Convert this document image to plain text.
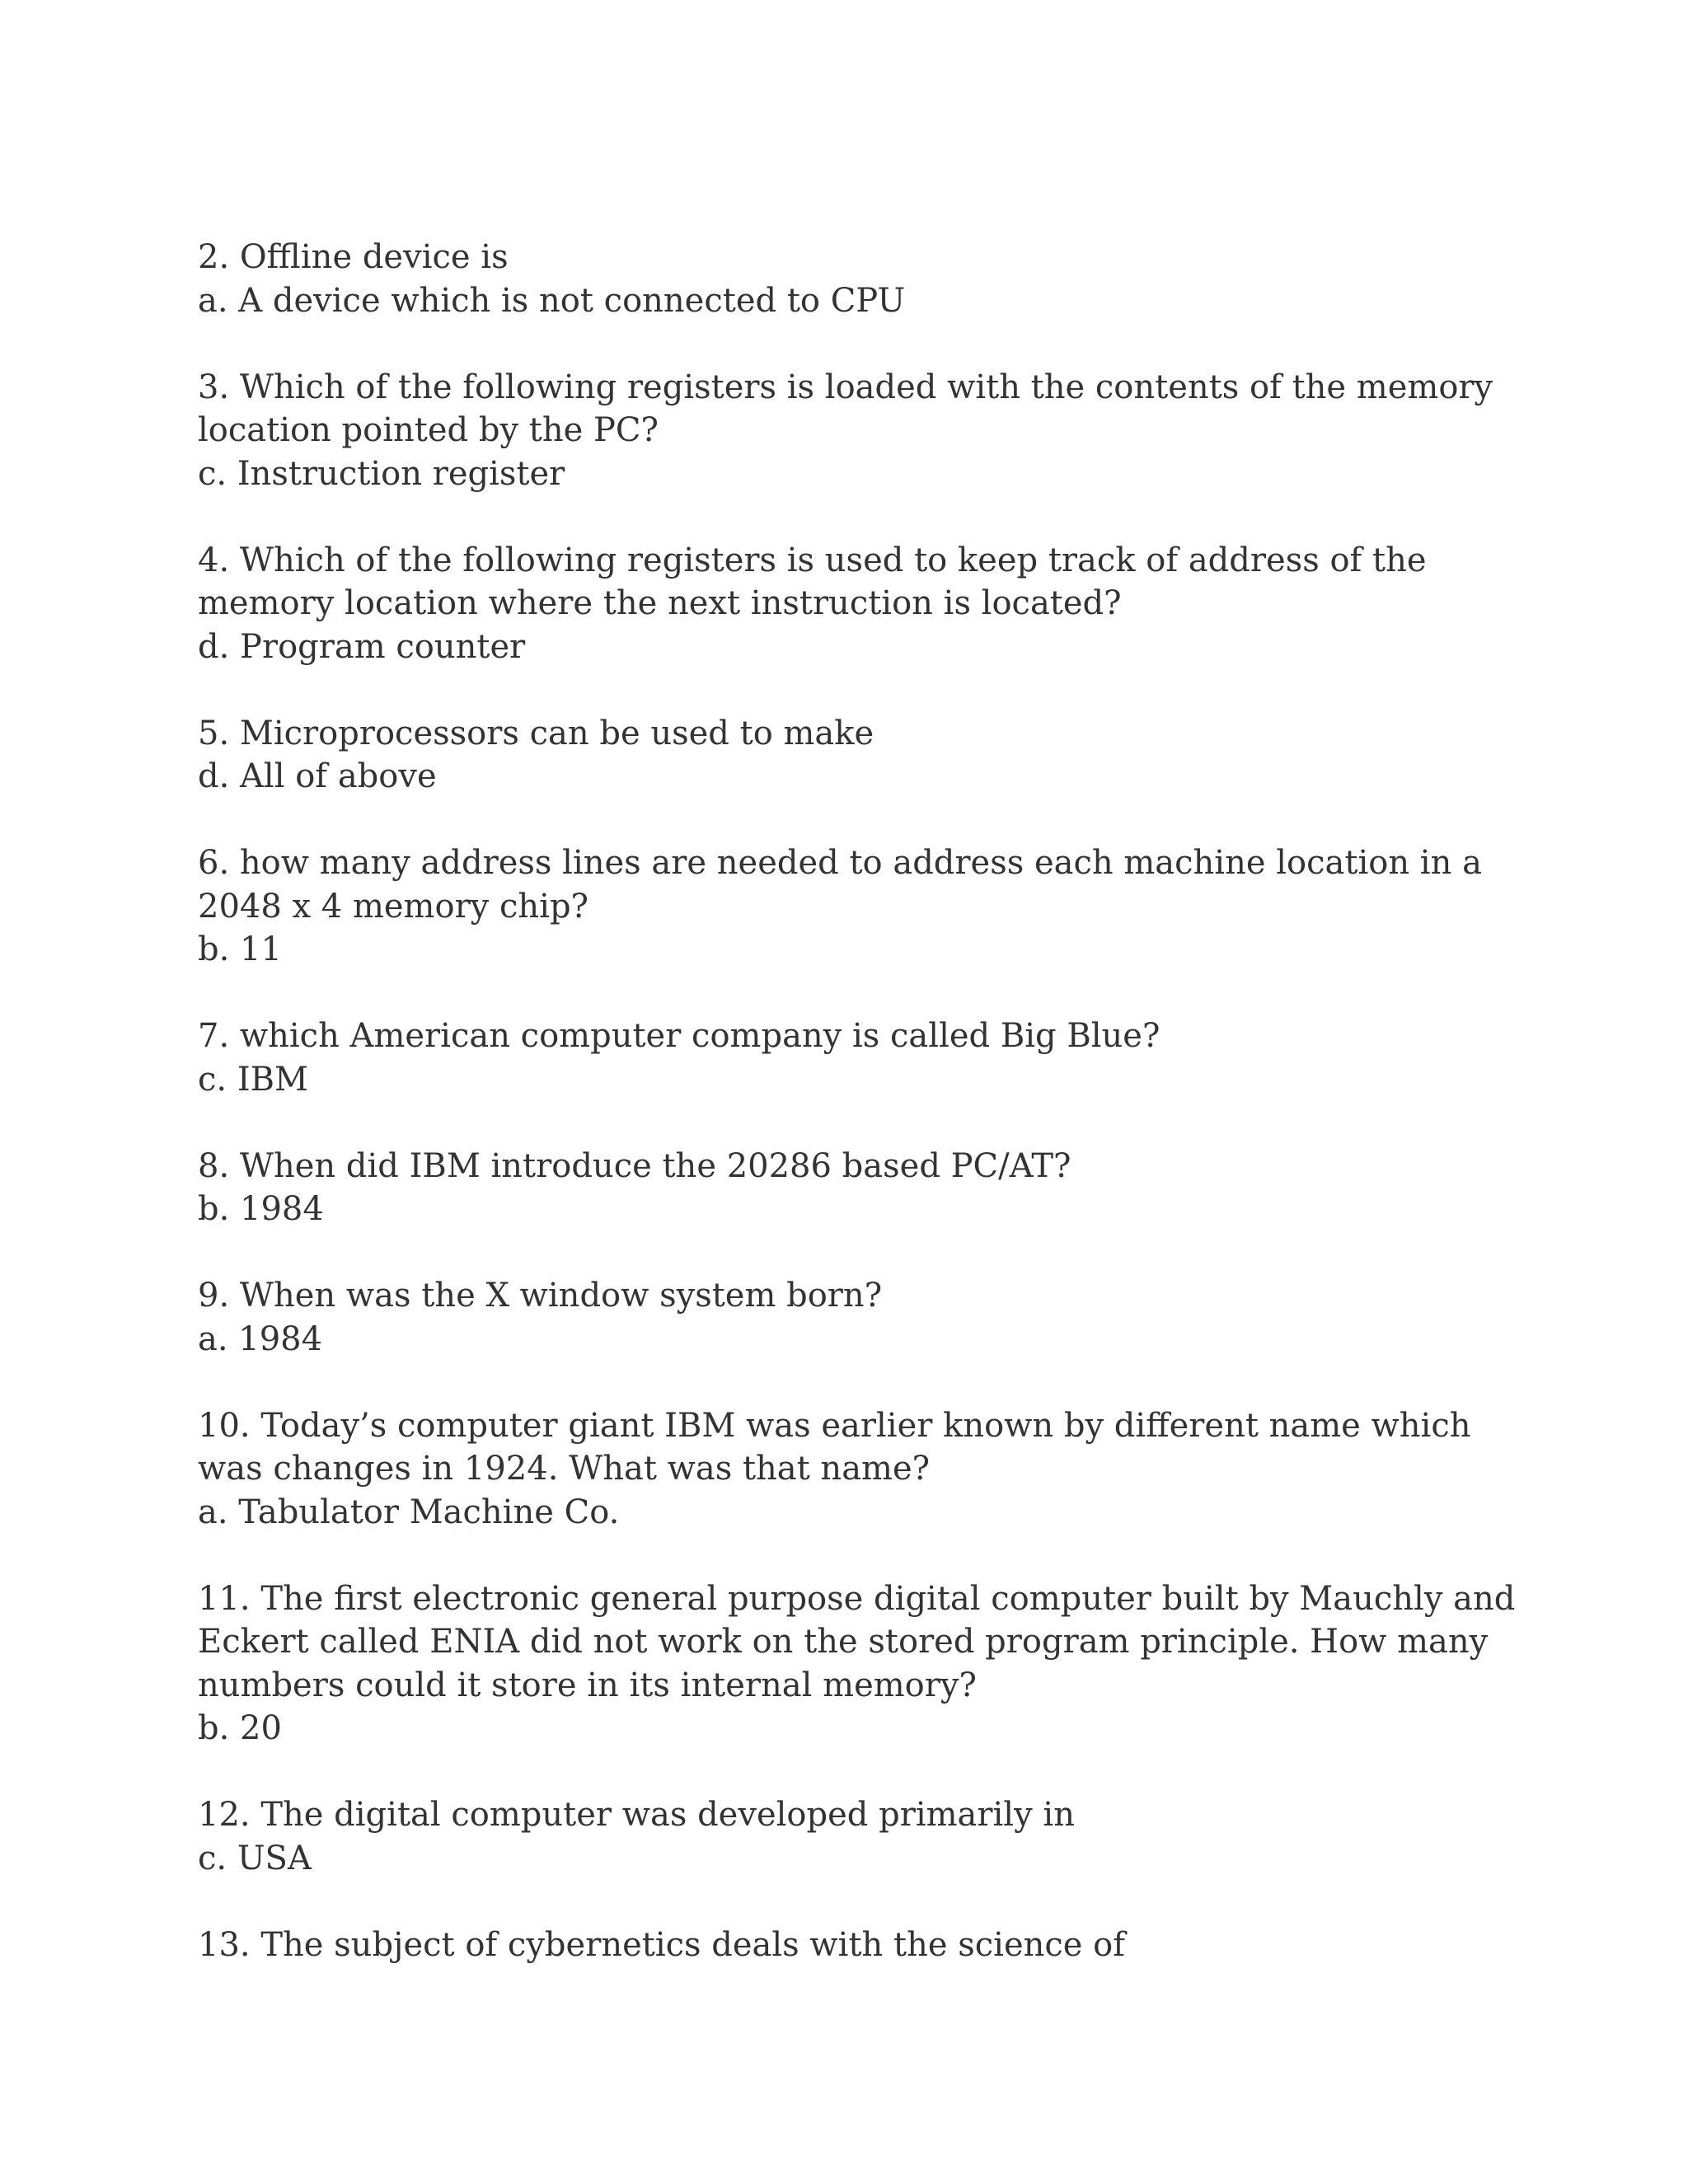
2. Offline device is
a. A device which is not connected to CPU
3. Which of the following registers is loaded with the contents of the memory location pointed by the PC?
c. Instruction register
4. Which of the following registers is used to keep track of address of the memory location where the next instruction is located?
d. Program counter
5. Microprocessors can be used to make
d. All of above
6. how many address lines are needed to address each machine location in a 2048 x 4 memory chip?
b. 11
7. which American computer company is called Big Blue?
c. IBM
8. When did IBM introduce the 20286 based PC/AT?
b. 1984
9. When was the X window system born?
a. 1984
10. Today’s computer giant IBM was earlier known by different name which was changes in 1924. What was that name?
a. Tabulator Machine Co.
11. The first electronic general purpose digital computer built by Mauchly and Eckert called ENIA did not work on the stored program principle. How many numbers could it store in its internal memory?
b. 20
12. The digital computer was developed primarily in
c. USA
13. The subject of cybernetics deals with the science of
